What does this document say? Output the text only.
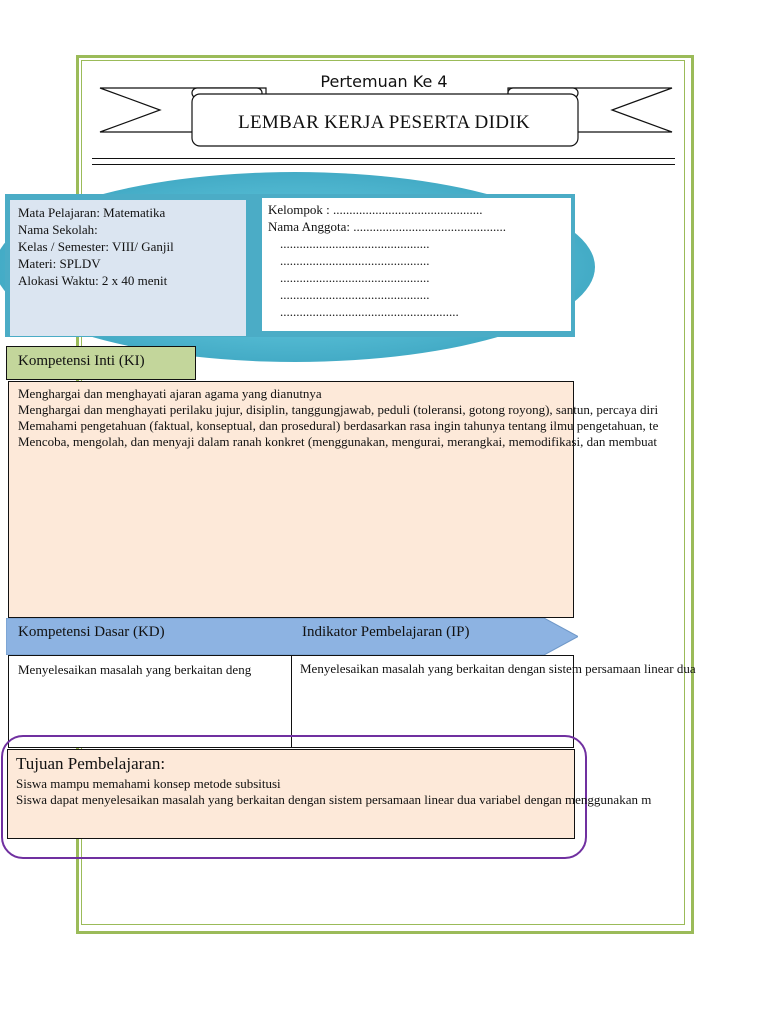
Pertemuan Ke 4
LEMBAR KERJA PESERTA DIDIK
Mata Pelajaran: Matematika
Nama Sekolah:
Kelas / Semester: VIII/ Ganjil
Materi: SPLDV
Alokasi Waktu: 2 x 40 menit
Kelompok : ..............................................
Nama Anggota: ...............................................
..............................................
..............................................
..............................................
..............................................
.......................................................
Kompetensi Inti (KI)
Menghargai dan menghayati ajaran agama yang dianutnya
Menghargai dan menghayati perilaku jujur, disiplin, tanggungjawab, peduli (toleransi, gotong royong), santun, percaya diri
Memahami pengetahuan (faktual, konseptual, dan prosedural) berdasarkan rasa ingin tahunya tentang ilmu pengetahuan, te
Mencoba, mengolah, dan menyaji dalam ranah konkret (menggunakan, mengurai, merangkai, memodifikasi, dan membuat
Kompetensi Dasar (KD)	Indikator Pembelajaran (IP)
Menyelesaikan masalah yang berkaitan deng	Menyelesaikan masalah yang berkaitan dengan sistem persamaan linear dua
Tujuan Pembelajaran:
Siswa mampu memahami konsep metode subsitusi
Siswa dapat menyelesaikan masalah yang berkaitan dengan sistem persamaan linear dua variabel dengan menggunakan m
